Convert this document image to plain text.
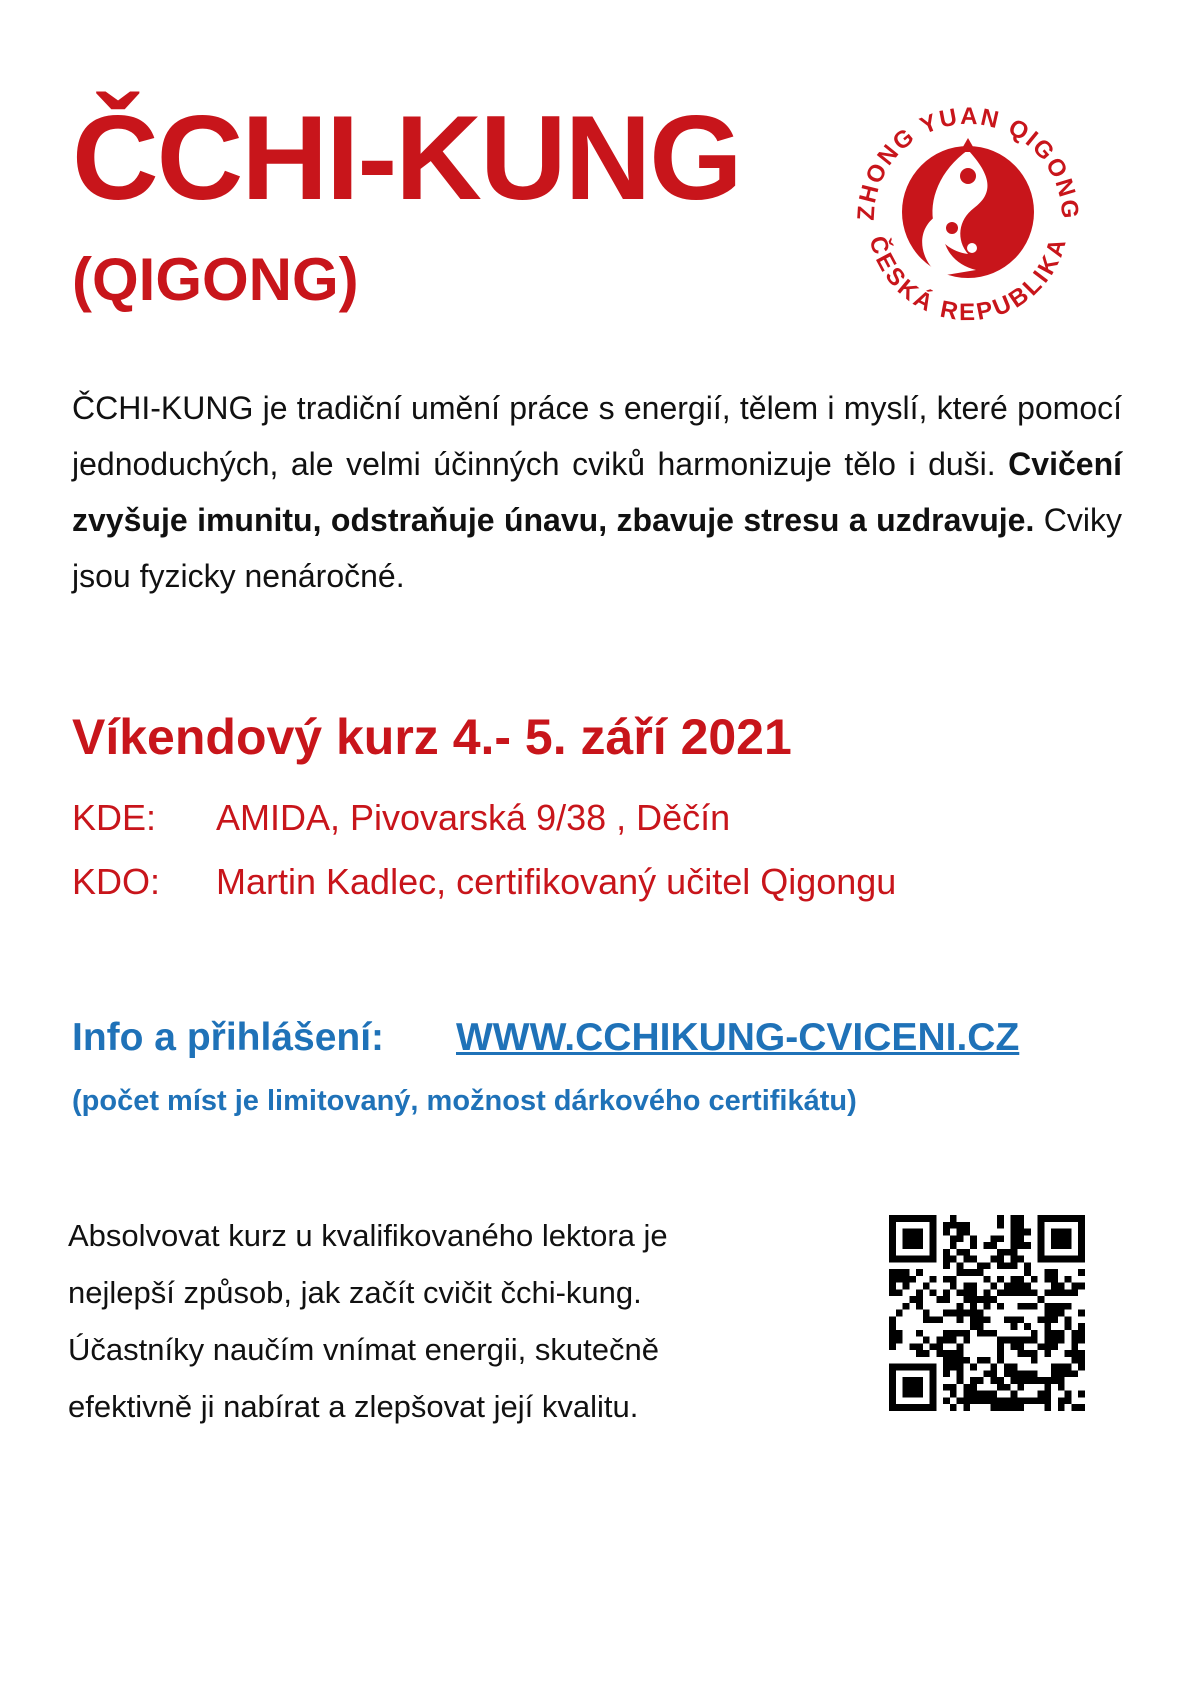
ČCHI-KUNG
(QIGONG)
ZHONG YUAN QIGONG
ČESKÁ REPUBLIKA

ČCHI-KUNG je tradiční umění práce s energií, tělem i myslí, které pomocí jednoduchých, ale velmi účinných cviků harmonizuje tělo i duši. Cvičení zvyšuje imunitu, odstraňuje únavu, zbavuje stresu a uzdravuje. Cviky jsou fyzicky nenáročné.

Víkendový kurz 4.- 5. září 2021
KDE: AMIDA, Pivovarská 9/38 , Děčín
KDO: Martin Kadlec, certifikovaný učitel Qigongu
Info a přihlášení: WWW.CCHIKUNG-CVICENI.CZ
(počet míst je limitovaný, možnost dárkového certifikátu)

Absolvovat kurz u kvalifikovaného lektora je
nejlepší způsob, jak začít cvičit čchi-kung.
Účastníky naučím vnímat energii, skutečně
efektivně ji nabírat a zlepšovat její kvalitu.
